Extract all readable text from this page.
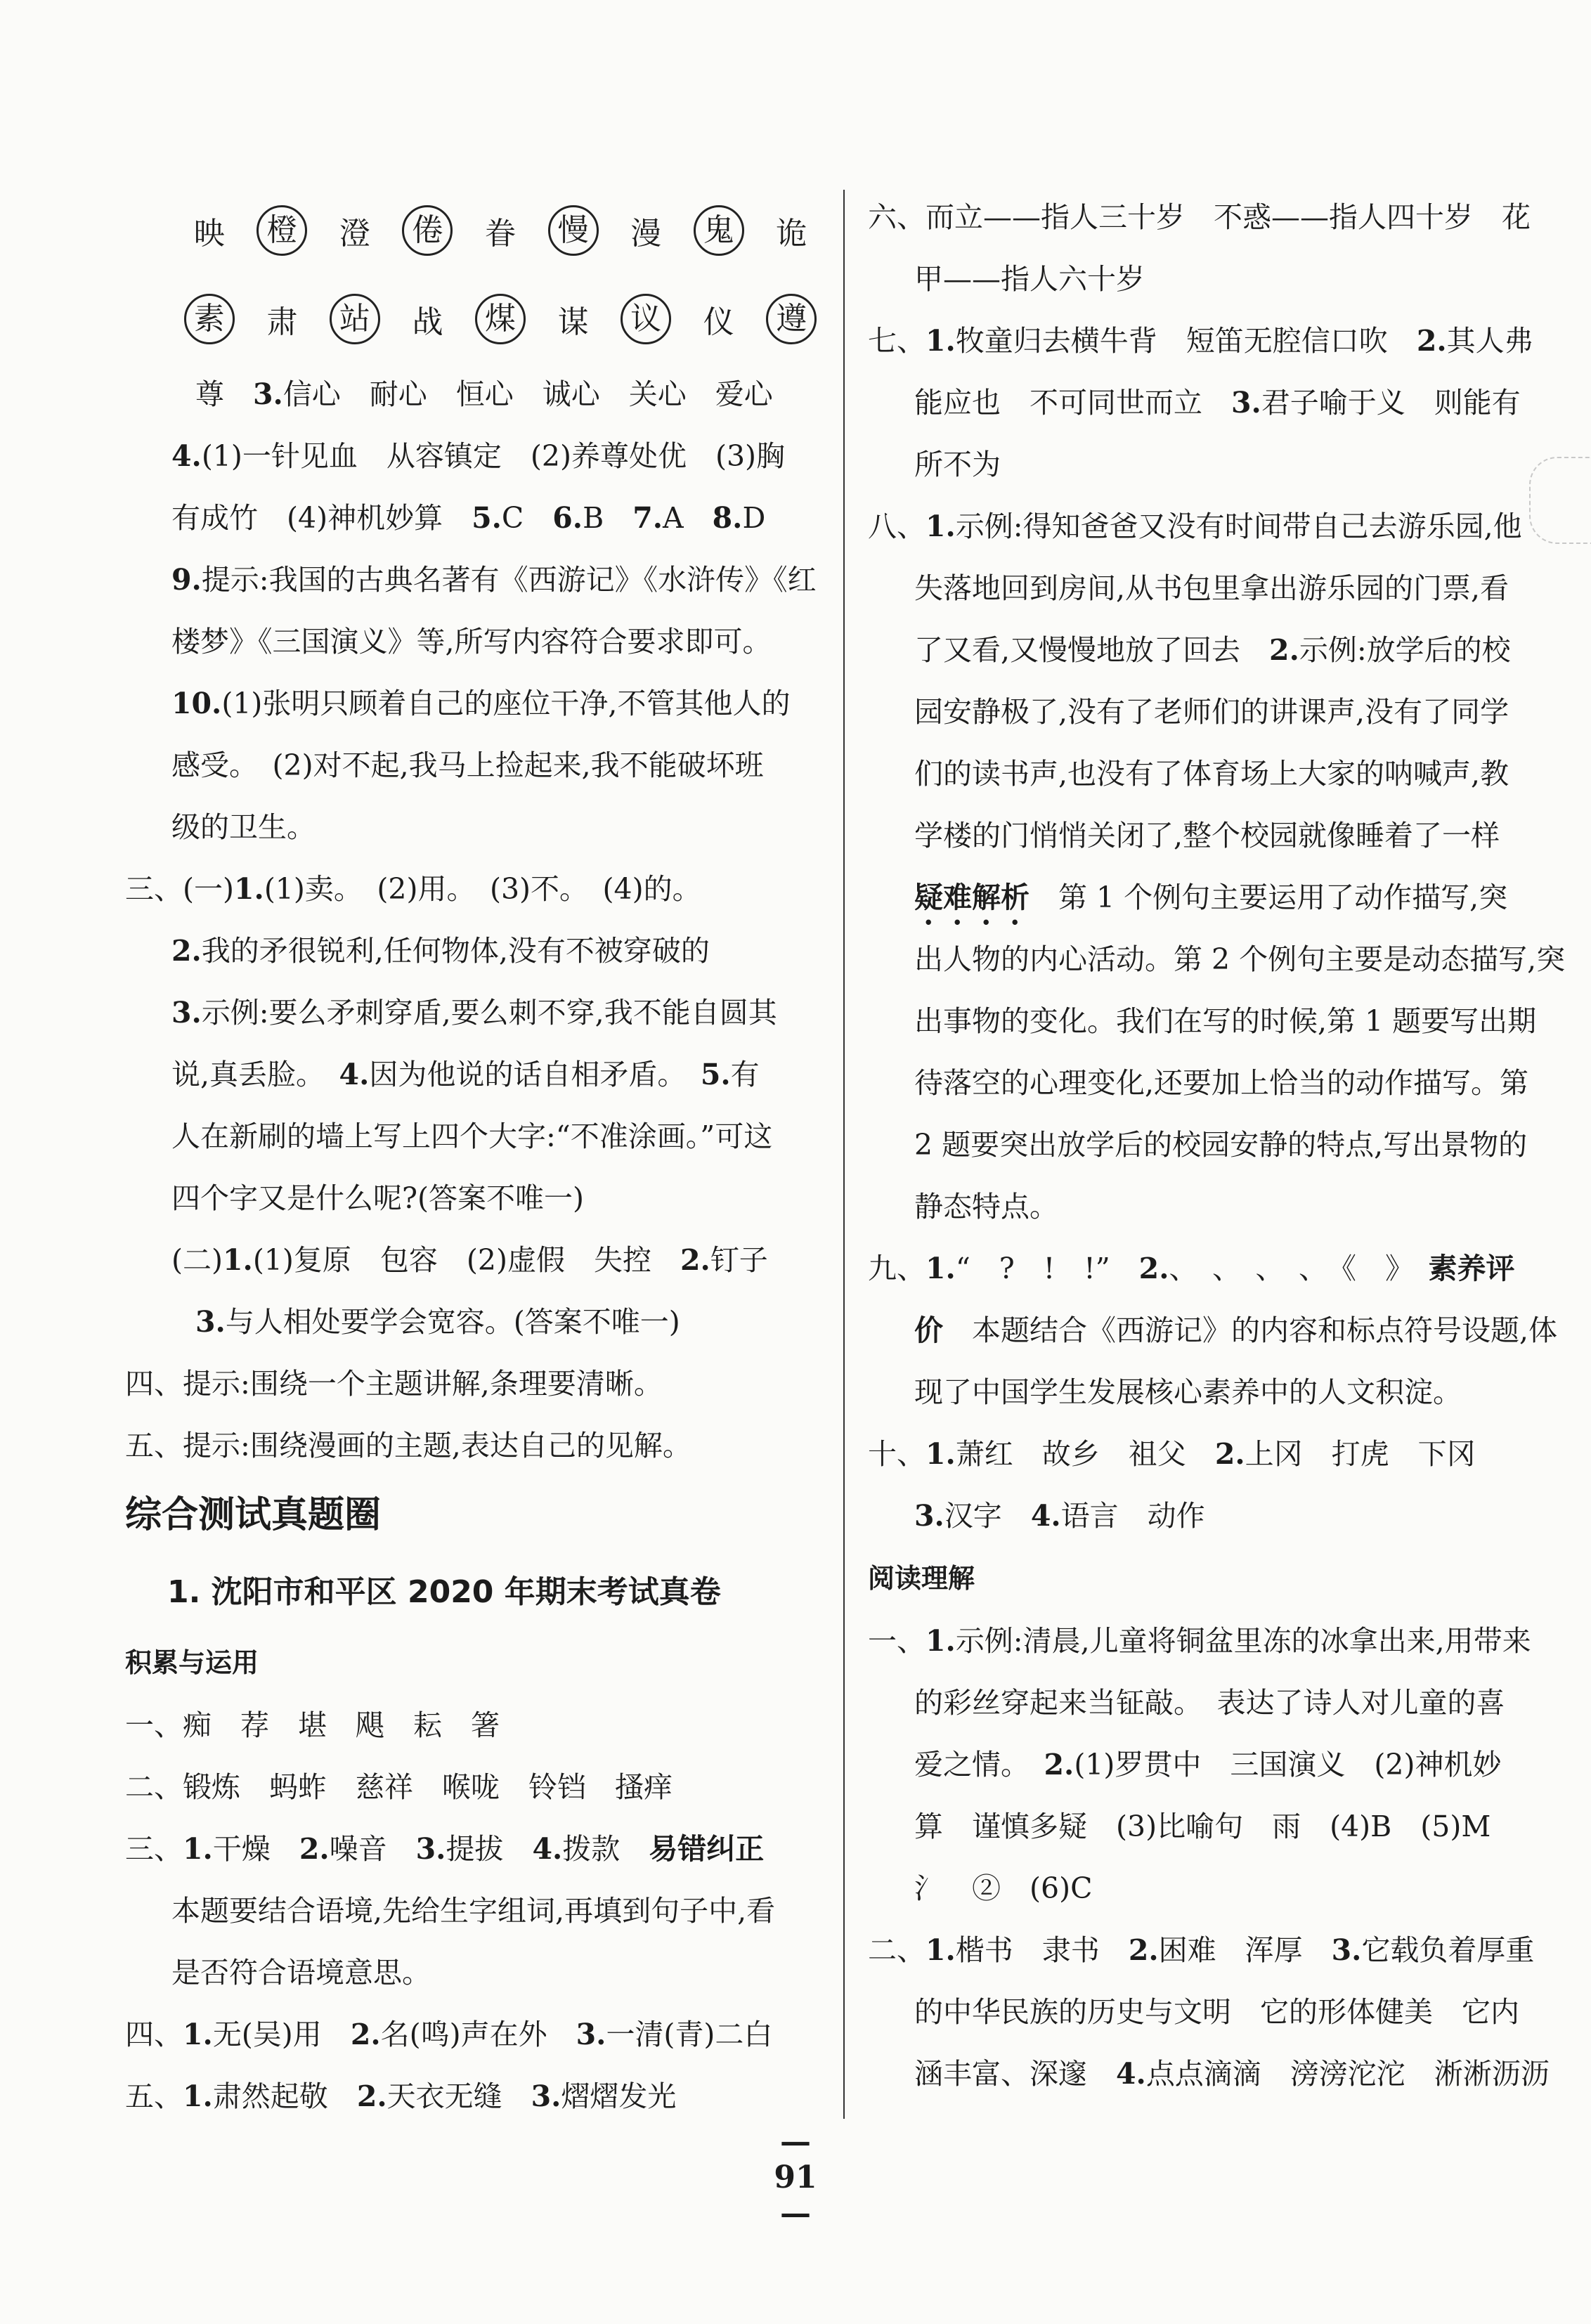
映	橙	澄	倦	眷	慢	漫	鬼	诡
素	肃	站	战	煤	谋	议	仪	遵
尊　3.信心　耐心　恒心　诚心　关心　爱心
4.(1)一针见血　从容镇定　(2)养尊处优　(3)胸
有成竹　(4)神机妙算　5.C　6.B　7.A　8.D
9.提示:我国的古典名著有《西游记》《水浒传》《红
楼梦》《三国演义》等,所写内容符合要求即可。
10.(1)张明只顾着自己的座位干净,不管其他人的
感受。　(2)对不起,我马上捡起来,我不能破坏班
级的卫生。
三、(一)1.(1)卖。　(2)用。　(3)不。　(4)的。
2.我的矛很锐利,任何物体,没有不被穿破的
3.示例:要么矛刺穿盾,要么刺不穿,我不能自圆其
说,真丢脸。　4.因为他说的话自相矛盾。　5.有
人在新刷的墙上写上四个大字:“不准涂画。”可这
四个字又是什么呢?(答案不唯一)
(二)1.(1)复原　包容　(2)虚假　失控　2.钉子
3.与人相处要学会宽容。(答案不唯一)
四、提示:围绕一个主题讲解,条理要清晰。
五、提示:围绕漫画的主题,表达自己的见解。
综合测试真题圈
1. 沈阳市和平区 2020 年期末考试真卷
积累与运用
一、痴　荐　堪　飓　耘　箸
二、锻炼　蚂蚱　慈祥　喉咙　铃铛　搔痒
三、1.干燥　2.噪音　3.提拔　4.拨款　易错纠正
本题要结合语境,先给生字组词,再填到句子中,看
是否符合语境意思。
四、1.无(吴)用　2.名(鸣)声在外　3.一清(青)二白
五、1.肃然起敬　2.天衣无缝　3.熠熠发光
六、而立——指人三十岁　不惑——指人四十岁　花
甲——指人六十岁
七、1.牧童归去横牛背　短笛无腔信口吹　2.其人弗
能应也　不可同世而立　3.君子喻于义　则能有
所不为
八、1.示例:得知爸爸又没有时间带自己去游乐园,他
失落地回到房间,从书包里拿出游乐园的门票,看
了又看,又慢慢地放了回去　2.示例:放学后的校
园安静极了,没有了老师们的讲课声,没有了同学
们的读书声,也没有了体育场上大家的呐喊声,教
学楼的门悄悄关闭了,整个校园就像睡着了一样
疑难解析　第 1 个例句主要运用了动作描写,突
出人物的内心活动。第 2 个例句主要是动态描写,突
出事物的变化。我们在写的时候,第 1 题要写出期
待落空的心理变化,还要加上恰当的动作描写。第
2 题要突出放学后的校园安静的特点,写出景物的
静态特点。
九、1.“　?　!　!”　2.、　、　、　、　《　》　素养评
价　本题结合《西游记》的内容和标点符号设题,体
现了中国学生发展核心素养中的人文积淀。
十、1.萧红　故乡　祖父　2.上冈　打虎　下冈
3.汉字　4.语言　动作
阅读理解
一、1.示例:清晨,儿童将铜盆里冻的冰拿出来,用带来
的彩丝穿起来当钲敲。　表达了诗人对儿童的喜
爱之情。　2.(1)罗贯中　三国演义　(2)神机妙
算　谨慎多疑　(3)比喻句　雨　(4)B　(5)M
氵　②　(6)C
二、1.楷书　隶书　2.困难　浑厚　3.它载负着厚重
的中华民族的历史与文明　它的形体健美　它内
涵丰富、深邃　4.点点滴滴　滂滂沱沱　淅淅沥沥
—91—
